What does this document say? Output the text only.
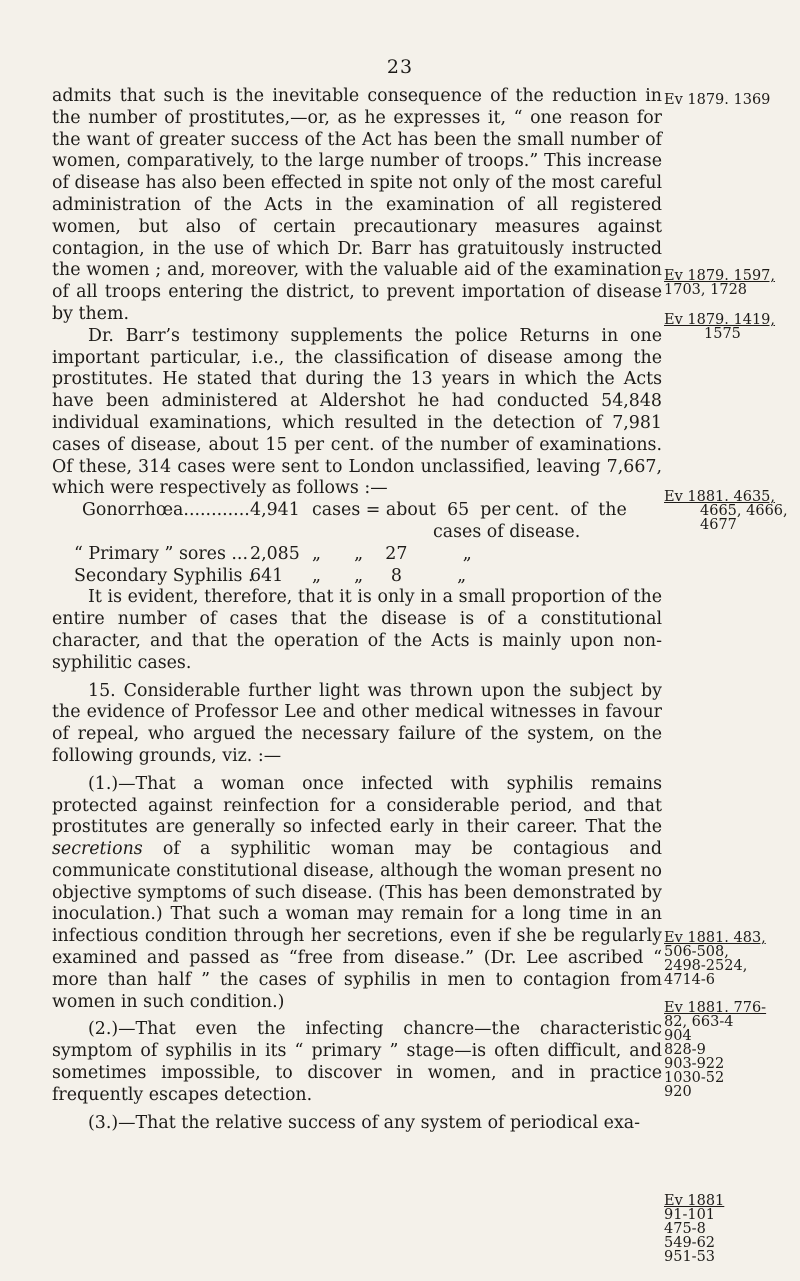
23

admits that such is the inevitable consequence of the reduction in the number of prostitutes,—or, as he expresses it, “ one reason for the want of greater success of the Act has been the small number of women, comparatively, to the large number of troops.” This increase of disease has also been effected in spite not only of the most careful administration of the Acts in the examination of all registered women, but also of certain precautionary measures against contagion, in the use of which Dr. Barr has gratuitously instructed the women ; and, moreover, with the valuable aid of the examination of all troops entering the district, to prevent importation of disease by them.

Dr. Barr’s testimony supplements the police Returns in one important particular, i.e., the classification of disease among the prostitutes. He stated that during the 13 years in which the Acts have been administered at Aldershot he had conducted 54,848 individual examinations, which resulted in the detection of 7,981 cases of disease, about 15 per cent. of the number of examinations. Of these, 314 cases were sent to London unclassified, leaving 7,667, which were respectively as follows :—

Gonorrhœa............ 4,941 cases = about  65  per cent.  of  the
cases of disease.
“ Primary ” sores ... 2,085 „      „    27          „
Secondary Syphilis .
641	„      „     8          „

It is evident, therefore, that it is only in a small proportion of the entire number of cases that the disease is of a constitutional character, and that the operation of the Acts is mainly upon non-syphilitic cases.

15. Considerable further light was thrown upon the subject by the evidence of Professor Lee and other medical witnesses in favour of repeal, who argued the necessary failure of the system, on the following grounds, viz. :—

(1.)—That a woman once infected with syphilis remains protected against reinfection for a considerable period, and that prostitutes are generally so infected early in their career. That the secretions of a syphilitic woman may be contagious and communicate constitutional disease, although the woman present no objective symptoms of such disease. (This has been demonstrated by inoculation.) That such a woman may remain for a long time in an infectious condition through her secretions, even if she be regularly examined and passed as “free from disease.” (Dr. Lee ascribed “ more than half ” the cases of syphilis in men to contagion from women in such condition.)

(2.)—That even the infecting chancre—the characteristic symptom of syphilis in its “ primary ” stage—is often difficult, and sometimes impossible, to discover in women, and in practice frequently escapes detection.

(3.)—That the relative success of any system of periodical exa-

Ev 1879. 1369
Ev 1879. 1597,
1703, 1728
Ev 1879. 1419,
1575
Ev 1881. 4635,
4665, 4666,
4677
Ev 1881. 483,
506-508,
2498-2524,
4714-6
Ev 1881. 776-
82, 663-4
904
828-9
903-922
1030-52
920
Ev 1881
91-101
475-8
549-62
951-53
